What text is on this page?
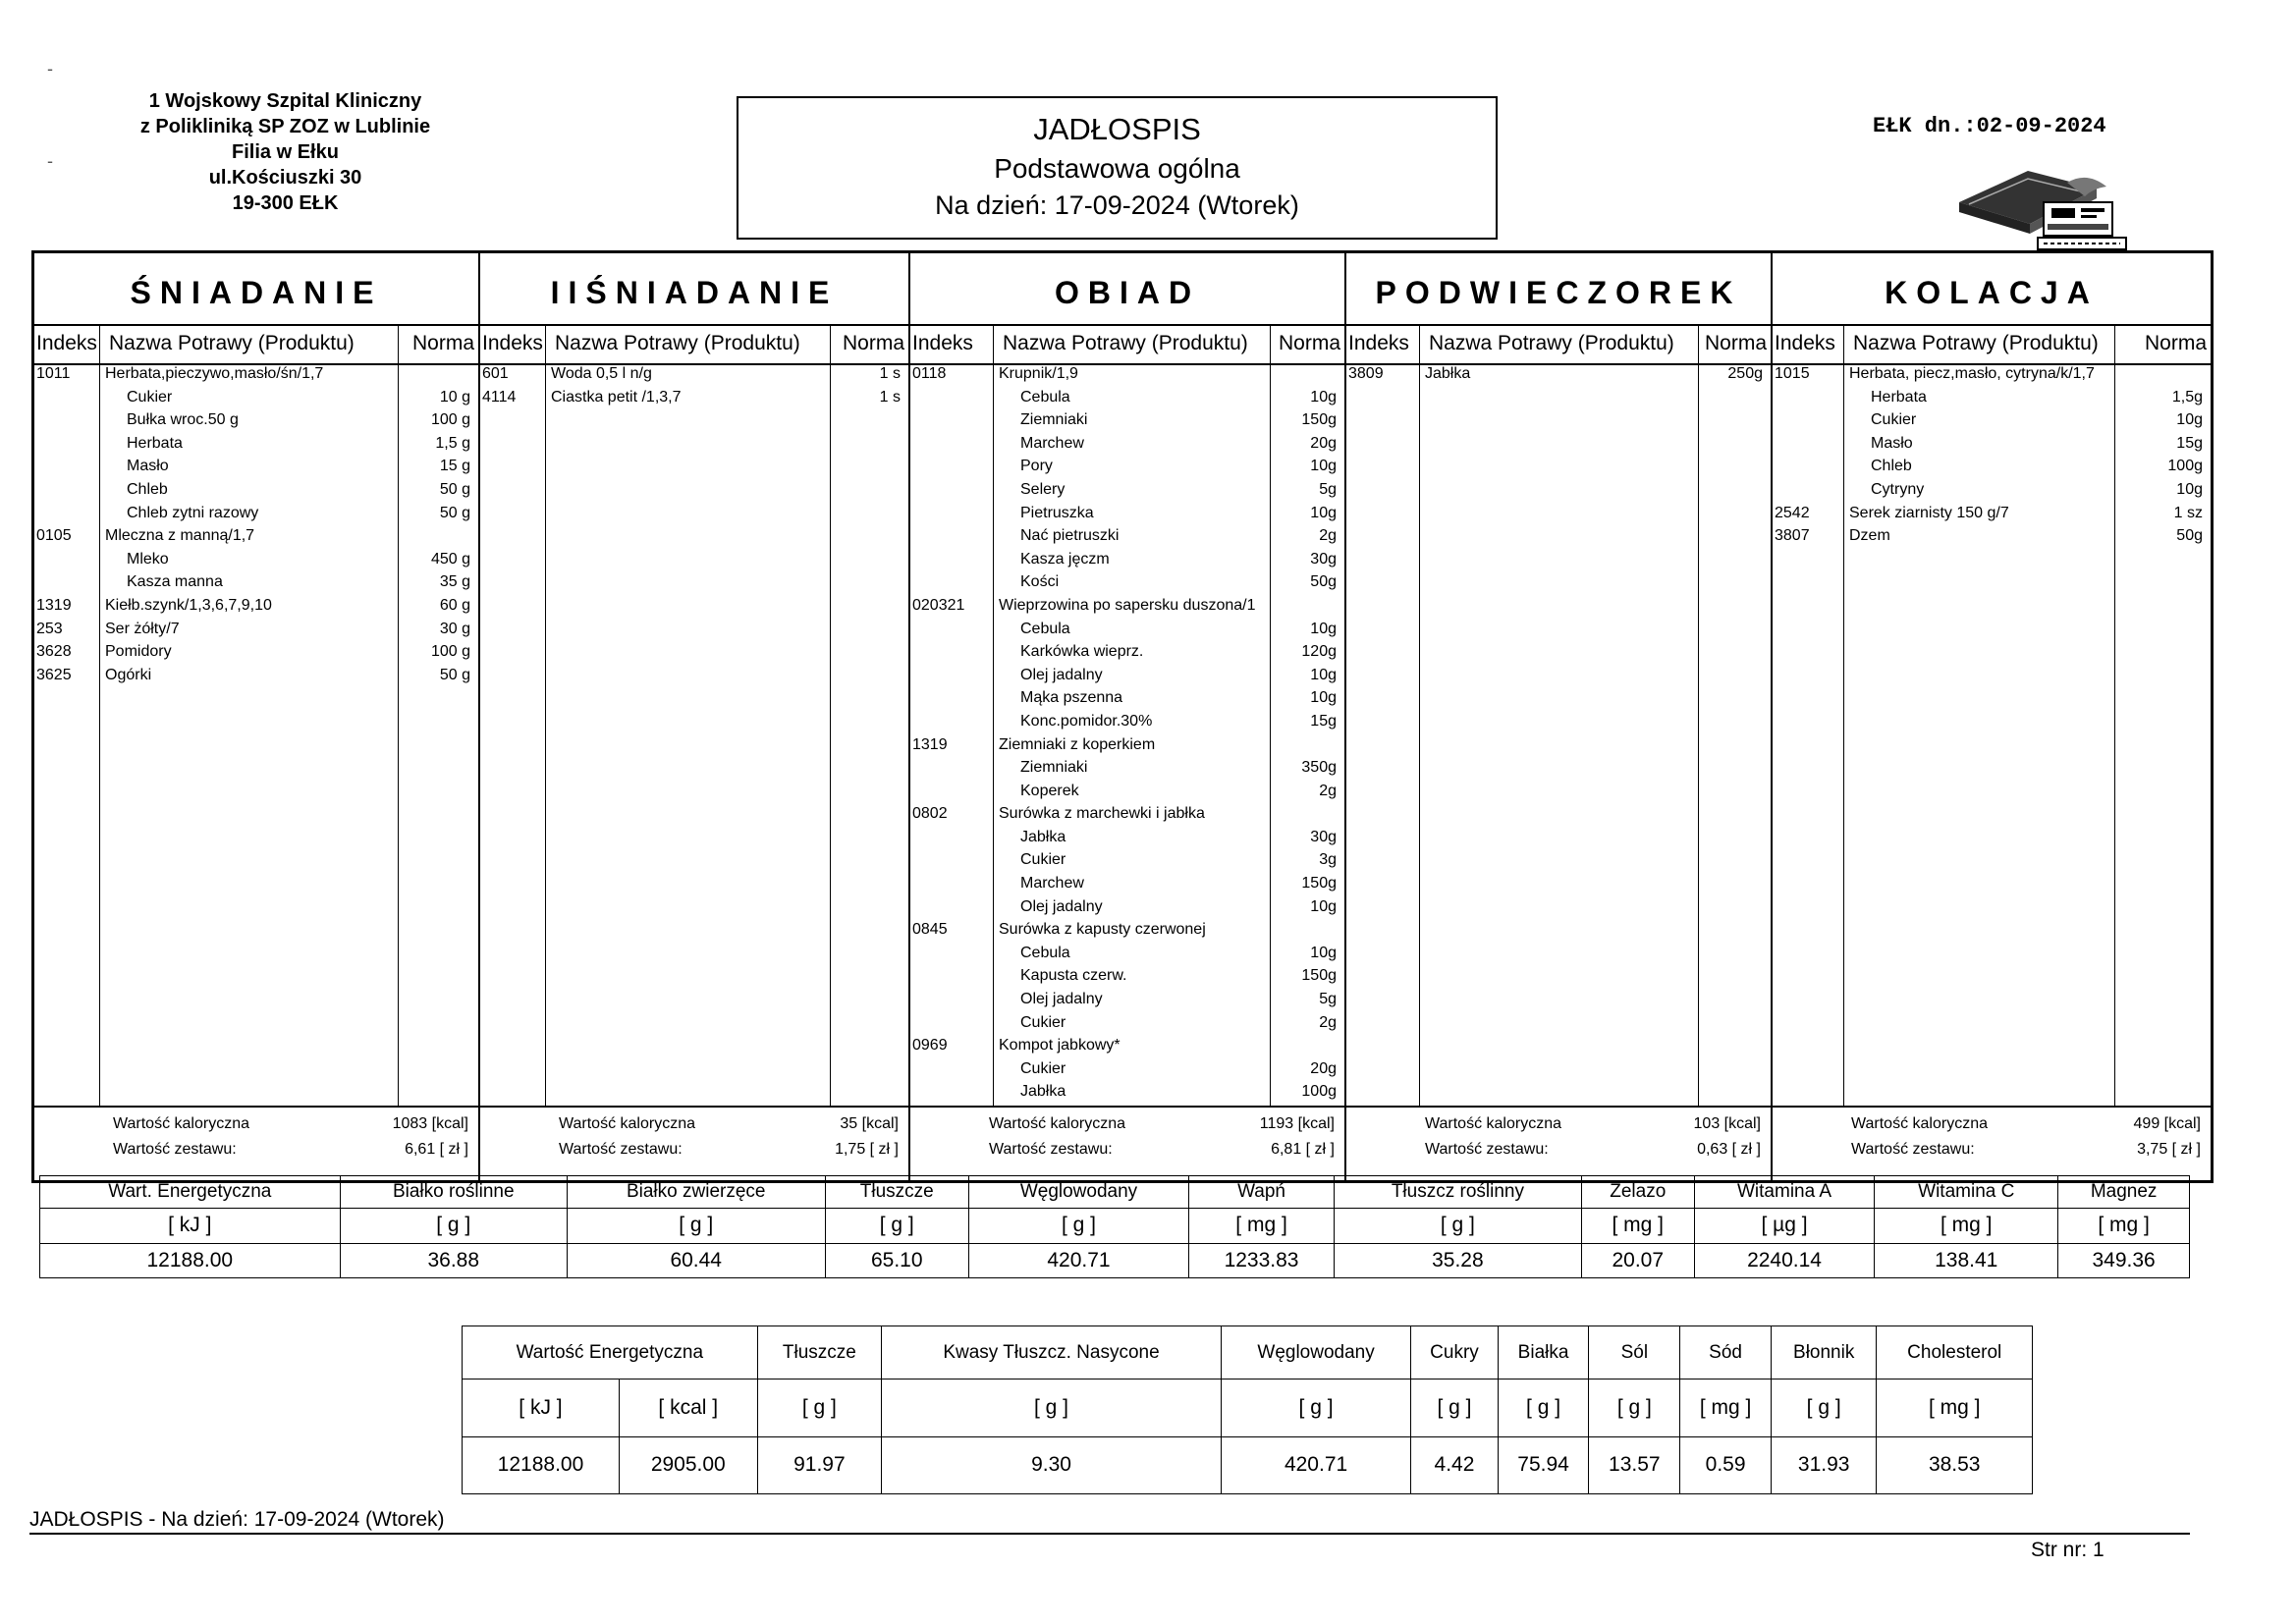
-
-
1 Wojskowy Szpital Kliniczny
z Polikliniką SP ZOZ w Lublinie
Filia w Ełku
ul.Kościuszki 30
19-300 EŁK
JADŁOSPIS
Podstawowa ogólna
Na dzień: 17-09-2024 (Wtorek)
EŁK dn.:02-09-2024
ŚNIADANIE
Indeks Nazwa Potrawy (Produktu)	Norma
1011 Herbata,pieczywo,masło/śn/1,7
Cukier	10 g
Bułka wroc.50 g	100 g
Herbata	1,5 g
Masło	15 g
Chleb	50 g
Chleb zytni razowy	50 g
0105 Mleczna z manną/1,7
Mleko	450 g
Kasza manna	35 g
1319 Kiełb.szynk/1,3,6,7,9,10	60 g
253	Ser żółty/7	30 g
3628 Pomidory	100 g
3625 Ogórki	50 g
Wartość kaloryczna	1083 [kcal]
Wartość zestawu:	6,61 [ zł ]
IIŚNIADANIE
Indeks Nazwa Potrawy (Produktu) Norma
601	Woda 0,5 l n/g	1 s
4114 Ciastka petit /1,3,7	1 s
Wartość kaloryczna	35 [kcal]
Wartość zestawu:	1,75 [ zł ]
OBIAD
Indeks Nazwa Potrawy (Produktu) Norma
0118	Krupnik/1,9
Cebula	10g
Ziemniaki	150g
Marchew	20g
Pory	10g
Selery	5g
Pietruszka	10g
Nać pietruszki	2g
Kasza jęczm	30g
Kości	50g
020321 Wieprzowina po sapersku duszona/1
Cebula	10g
Karkówka wieprz.	120g
Olej jadalny	10g
Mąka pszenna	10g
Konc.pomidor.30%	15g
1319	Ziemniaki z koperkiem
Ziemniaki	350g
Koperek	2g
0802	Surówka z marchewki i jabłka
Jabłka	30g
Cukier	3g
Marchew	150g
Olej jadalny	10g
0845	Surówka z kapusty czerwonej
Cebula	10g
Kapusta czerw.	150g
Olej jadalny	5g
Cukier	2g
0969	Kompot jabkowy*
Cukier	20g
Jabłka	100g
Wartość kaloryczna	1193 [kcal]
Wartość zestawu:	6,81 [ zł ]
PODWIECZOREK
Indeks Nazwa Potrawy (Produktu) Norma
3809	Jabłka	250g
Wartość kaloryczna	103 [kcal]
Wartość zestawu:	0,63 [ zł ]
KOLACJA
Indeks Nazwa Potrawy (Produktu) Norma
1015	Herbata, piecz,masło, cytryna/k/1,7
Herbata	1,5g
Cukier	10g
Masło	15g
Chleb	100g
Cytryny	10g
2542	Serek ziarnisty 150 g/7	1 sz
3807	Dzem	50g
Wartość kaloryczna	499 [kcal]
Wartość zestawu:	3,75 [ zł ]
Wart. Energetyczna	Białko roślinne	Białko zwierzęce	Tłuszcze	Węglowodany	Wapń	Tłuszcz roślinny	Żelazo	Witamina A	Witamina C	Magnez
[ kJ ]	[ g ]	[ g ]	[ g ]	[ g ]	[ mg ]	[ g ]	[ mg ]	[ µg ]	[ mg ]	[ mg ]
12188.00	36.88	60.44	65.10	420.71	1233.83	35.28	20.07	2240.14	138.41	349.36
Wartość Energetyczna		Tłuszcze	Kwasy Tłuszcz. Nasycone	Węglowodany	Cukry	Białka	Sól	Sód	Błonnik	Cholesterol
[ kJ ]	[ kcal ]	[ g ]	[ g ]	[ g ]	[ g ]	[ g ]	[ g ]	[ mg ]	[ g ]	[ mg ]
12188.00	2905.00	91.97	9.30	420.71	4.42	75.94	13.57	0.59	31.93	38.53
JADŁOSPIS - Na dzień: 17-09-2024 (Wtorek)
Str nr: 1
